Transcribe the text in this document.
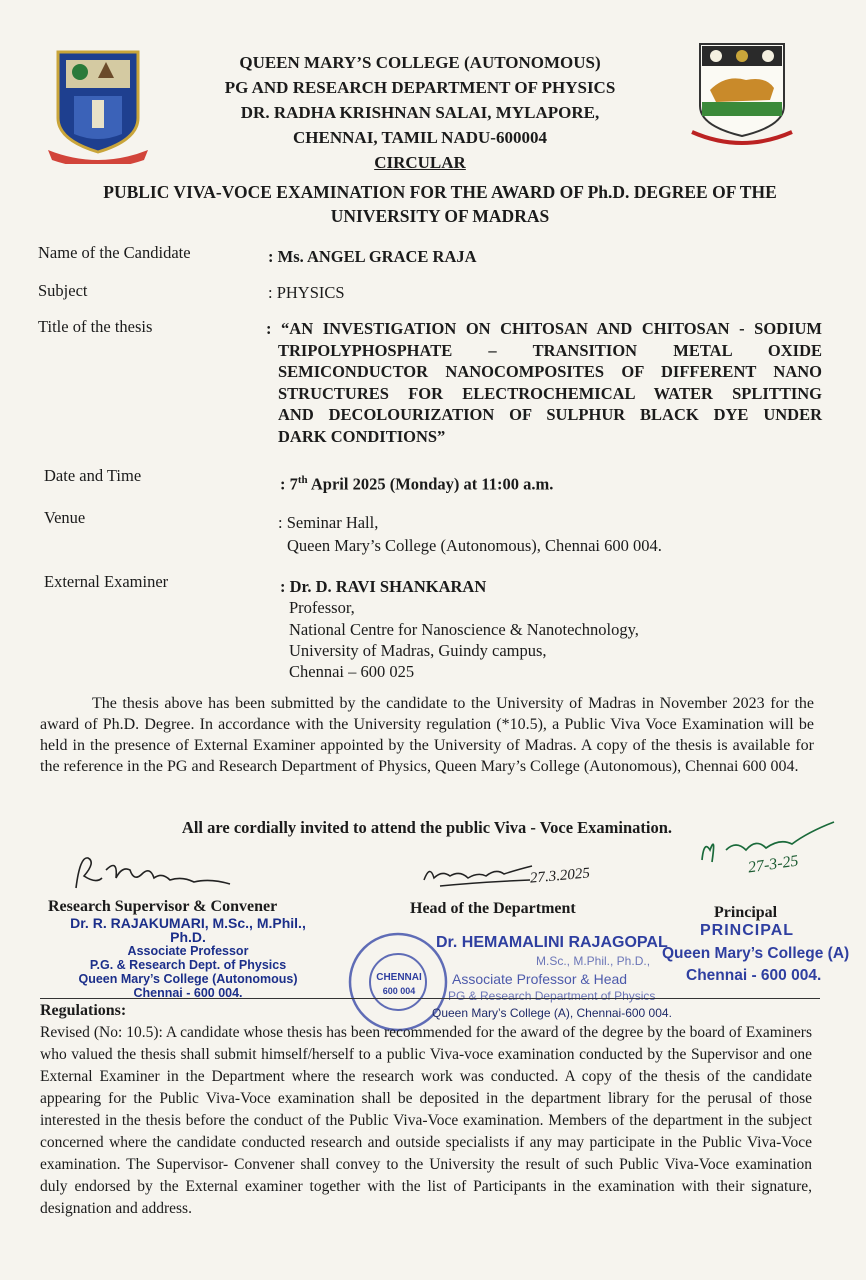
QUEEN MARY’S COLLEGE (AUTONOMOUS)
PG AND RESEARCH DEPARTMENT OF PHYSICS
DR. RADHA KRISHNAN SALAI, MYLAPORE,
CHENNAI, TAMIL NADU-600004
CIRCULAR
PUBLIC VIVA-VOCE EXAMINATION FOR THE AWARD OF Ph.D. DEGREE OF THE
UNIVERSITY OF MADRAS
Name of the Candidate	: Ms. ANGEL GRACE RAJA
Subject	: PHYSICS
Title of the thesis	: “AN INVESTIGATION ON CHITOSAN AND CHITOSAN - SODIUM
TRIPOLYPHOSPHATE – TRANSITION METAL OXIDE
SEMICONDUCTOR NANOCOMPOSITES OF DIFFERENT NANO
STRUCTURES FOR ELECTROCHEMICAL WATER SPLITTING
AND DECOLOURIZATION OF SULPHUR BLACK DYE UNDER
DARK CONDITIONS”
Date and Time	: 7th April 2025 (Monday) at 11:00 a.m.
Venue	: Seminar Hall,
Queen Mary’s College (Autonomous), Chennai 600 004.
External Examiner	: Dr. D. RAVI SHANKARAN
Professor,
National Centre for Nanoscience & Nanotechnology,
University of Madras, Guindy campus,
Chennai – 600 025
The thesis above has been submitted by the candidate to the University of Madras in November 2023 for the award of Ph.D. Degree. In accordance with the University regulation (*10.5), a Public Viva Voce Examination will be held in the presence of External Examiner appointed by the University of Madras. A copy of the thesis is available for the reference in the PG and Research Department of Physics, Queen Mary’s College (Autonomous), Chennai 600 004.
All are cordially invited to attend the public Viva - Voce Examination.
Research Supervisor & Convener
Dr. R. RAJAKUMARI, M.Sc., M.Phil., Ph.D.
Associate Professor
P.G. & Research Dept. of Physics
Queen Mary’s College (Autonomous)
Chennai - 600 004.
27.3.2025
Head of the Department
CHENNAI
600 004
Dr. HEMAMALINI RAJAGOPAL
M.Sc., M.Phil., Ph.D.,
Associate Professor & Head
PG & Research Department of Physics
Queen Mary’s College (A), Chennai-600 004.
27-3-25
Principal
PRINCIPAL
Queen Mary’s College (A)
Chennai - 600 004.
Regulations:
Revised (No: 10.5): A candidate whose thesis has been recommended for the award of the degree by the board of Examiners who valued the thesis shall submit himself/herself to a public Viva-voce examination conducted by the Supervisor and one External Examiner in the Department where the research work was conducted. A copy of the thesis of the candidate appearing for the Public Viva-Voce examination shall be deposited in the department library for the perusal of those interested in the thesis before the conduct of the Public Viva-Voce examination. Members of the department in the subject concerned where the candidate conducted research and outside specialists if any may participate in the Public Viva-Voce examination. The Supervisor- Convener shall convey to the University the result of such Public Viva-Voce examination duly endorsed by the External examiner together with the list of Participants in the examination with their signature, designation and address.
